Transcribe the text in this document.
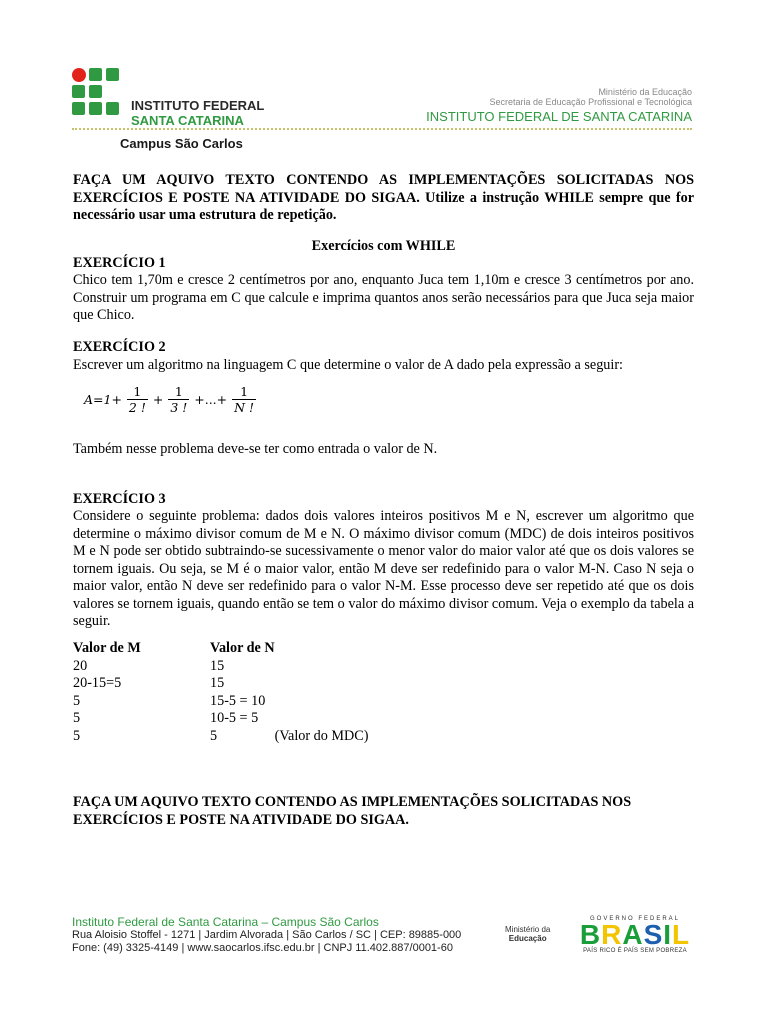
INSTITUTO FEDERAL
SANTA CATARINA
Ministério da Educação
Secretaria de Educação Profissional e Tecnológica
INSTITUTO FEDERAL DE SANTA CATARINA
Campus São Carlos
FAÇA UM AQUIVO TEXTO CONTENDO AS IMPLEMENTAÇÕES SOLICITADAS NOS EXERCÍCIOS E POSTE NA ATIVIDADE DO SIGAA. Utilize a instrução WHILE sempre que for necessário usar uma estrutura de repetição.
Exercícios com WHILE
EXERCÍCIO 1
Chico tem 1,70m e cresce 2 centímetros por ano, enquanto Juca tem 1,10m e cresce 3 centímetros por ano. Construir um programa em C que calcule e imprima quantos anos serão necessários para que Juca seja maior que Chico.
EXERCÍCIO 2
Escrever um algoritmo na linguagem C que determine o valor de A dado pela expressão a seguir:
$A=1+ \frac{1}{2 !} + \frac{1}{3 !}$ +...+ $\frac{1}{N !}$
Também nesse problema deve-se ter como entrada o valor de N.
EXERCÍCIO 3
Considere o seguinte problema: dados dois valores inteiros positivos M e N, escrever um algoritmo que determine o máximo divisor comum de M e N. O máximo divisor comum (MDC) de dois inteiros positivos M e N pode ser obtido subtraindo-se sucessivamente o menor valor do maior valor até que os dois valores se tornem iguais. Ou seja, se M é o maior valor, então M deve ser redefinido para o valor M-N. Caso N seja o maior valor, então N deve ser redefinido para o valor N-M. Esse processo deve ser repetido até que os dois valores se tornem iguais, quando então se tem o valor do máximo divisor comum. Veja o exemplo da tabela a seguir.
Valor de M	Valor de N	
20	15	
20-15=5	15	
5	15-5 = 10	
5	10-5 = 5	
5	5	(Valor do MDC)
FAÇA UM AQUIVO TEXTO CONTENDO AS IMPLEMENTAÇÕES SOLICITADAS NOS EXERCÍCIOS E POSTE NA ATIVIDADE DO SIGAA.
Instituto Federal de Santa Catarina – Campus São Carlos
Rua Aloisio Stoffel - 1271 | Jardim Alvorada | São Carlos / SC | CEP: 89885-000
Fone: (49) 3325-4149 | www.saocarlos.ifsc.edu.br | CNPJ 11.402.887/0001-60
Ministério da
Educação
GOVERNO FEDERAL
BRASIL
PAÍS RICO É PAÍS SEM POBREZA
